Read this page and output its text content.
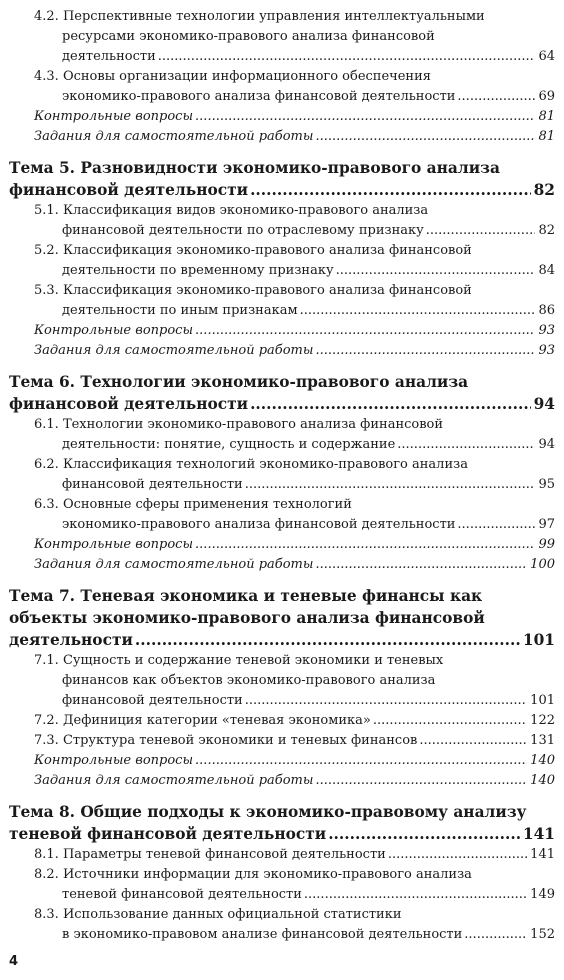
4.2. Перспективные технологии управления интеллектуальными
ресурсами экономико-правового анализа финансовой
деятельности .....	64
4.3. Основы организации информационного обеспечения
экономико-правового анализа финансовой деятельности .....	69
Контрольные вопросы .....	81
Задания для самостоятельной работы .....	81
Тема 5. Разновидности экономико-правового анализа
финансовой деятельности .....	82
5.1. Классификация видов экономико-правового анализа
финансовой деятельности по отраслевому признаку .....	82
5.2. Классификация экономико-правового анализа финансовой
деятельности по временному признаку .....	84
5.3. Классификация экономико-правового анализа финансовой
деятельности по иным признакам .....	86
Контрольные вопросы .....	93
Задания для самостоятельной работы .....	93
Тема 6. Технологии экономико-правового анализа
финансовой деятельности .....	94
6.1. Технологии экономико-правового анализа финансовой
деятельности: понятие, сущность и содержание .....	94
6.2. Классификация технологий экономико-правового анализа
финансовой деятельности .....	95
6.3. Основные сферы применения технологий
экономико-правового анализа финансовой деятельности .....	97
Контрольные вопросы .....	99
Задания для самостоятельной работы .....	100
Тема 7. Теневая экономика и теневые финансы как
объекты экономико-правового анализа финансовой
деятельности .....	101
7.1. Сущность и содержание теневой экономики и теневых
финансов как объектов экономико-правового анализа
финансовой деятельности .....	101
7.2. Дефиниция категории «теневая экономика» .....	122
7.3. Структура теневой экономики и теневых финансов .....	131
Контрольные вопросы .....	140
Задания для самостоятельной работы .....	140
Тема 8. Общие подходы к экономико-правовому анализу
теневой финансовой деятельности .....	141
8.1. Параметры теневой финансовой деятельности .....	141
8.2. Источники информации для экономико-правового анализа
теневой финансовой деятельности .....	149
8.3. Использование данных официальной статистики
в экономико-правовом анализе финансовой деятельности .....	152
4
